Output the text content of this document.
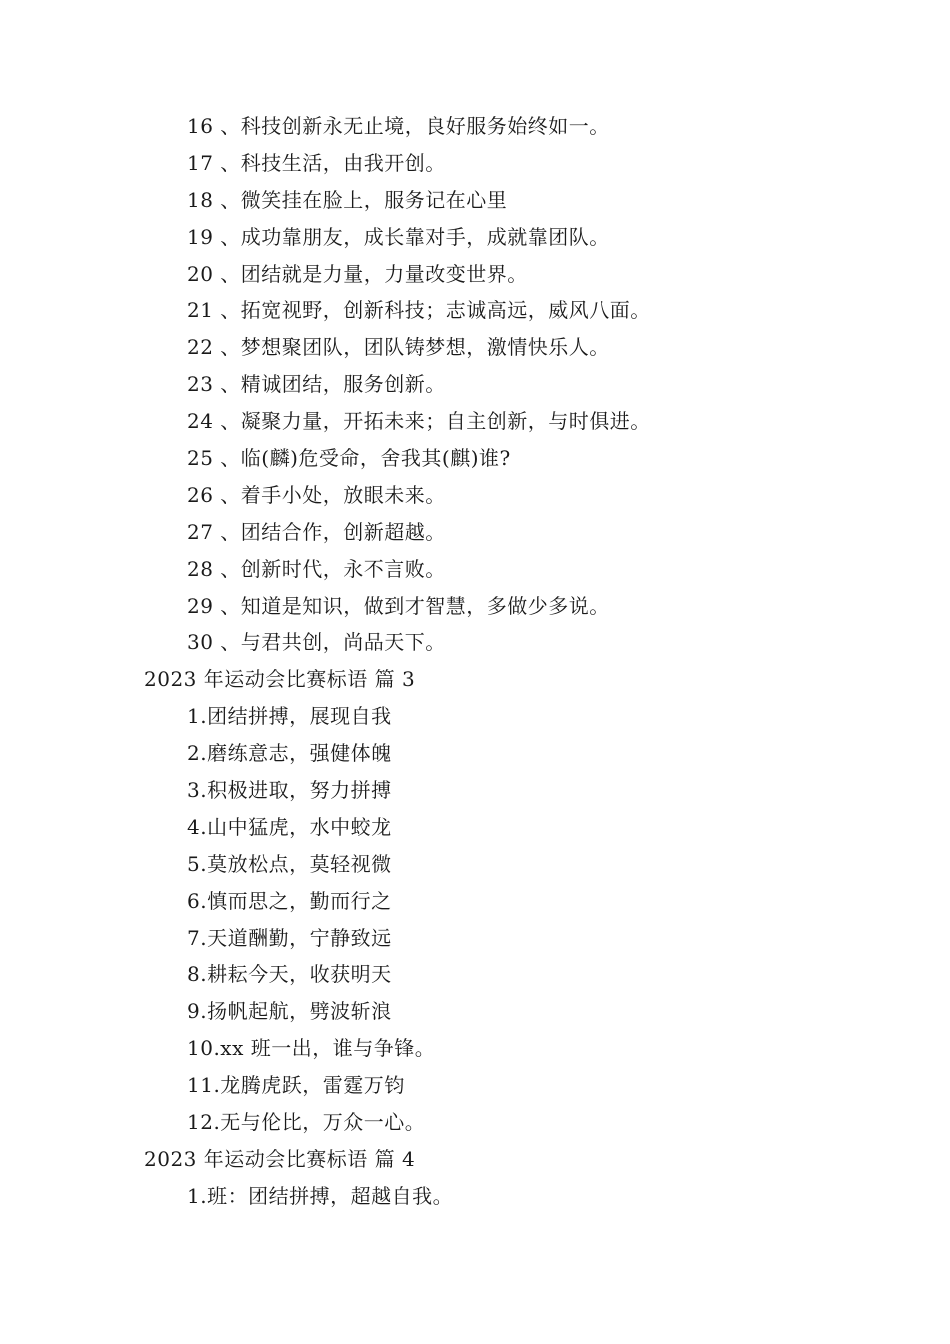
16 、科技创新永无止境，良好服务始终如一。
17 、科技生活，由我开创。
18 、微笑挂在脸上，服务记在心里
19 、成功靠朋友，成长靠对手，成就靠团队。
20 、团结就是力量，力量改变世界。
21 、拓宽视野，创新科技；志诚高远，威风八面。
22 、梦想聚团队，团队铸梦想，激情快乐人。
23 、精诚团结，服务创新。
24 、凝聚力量，开拓未来；自主创新，与时俱进。
25 、临(麟)危受命，舍我其(麒)谁?
26 、着手小处，放眼未来。
27 、团结合作，创新超越。
28 、创新时代，永不言败。
29 、知道是知识，做到才智慧，多做少多说。
30 、与君共创，尚品天下。
2023 年运动会比赛标语 篇 3
1.团结拼搏，展现自我
2.磨练意志，强健体魄
3.积极进取，努力拼搏
4.山中猛虎，水中蛟龙
5.莫放松点，莫轻视微
6.慎而思之，勤而行之
7.天道酬勤，宁静致远
8.耕耘今天，收获明天
9.扬帆起航，劈波斩浪
10.xx 班一出，谁与争锋。
11.龙腾虎跃，雷霆万钧
12.无与伦比，万众一心。
2023 年运动会比赛标语 篇 4
1.班：团结拼搏，超越自我。
